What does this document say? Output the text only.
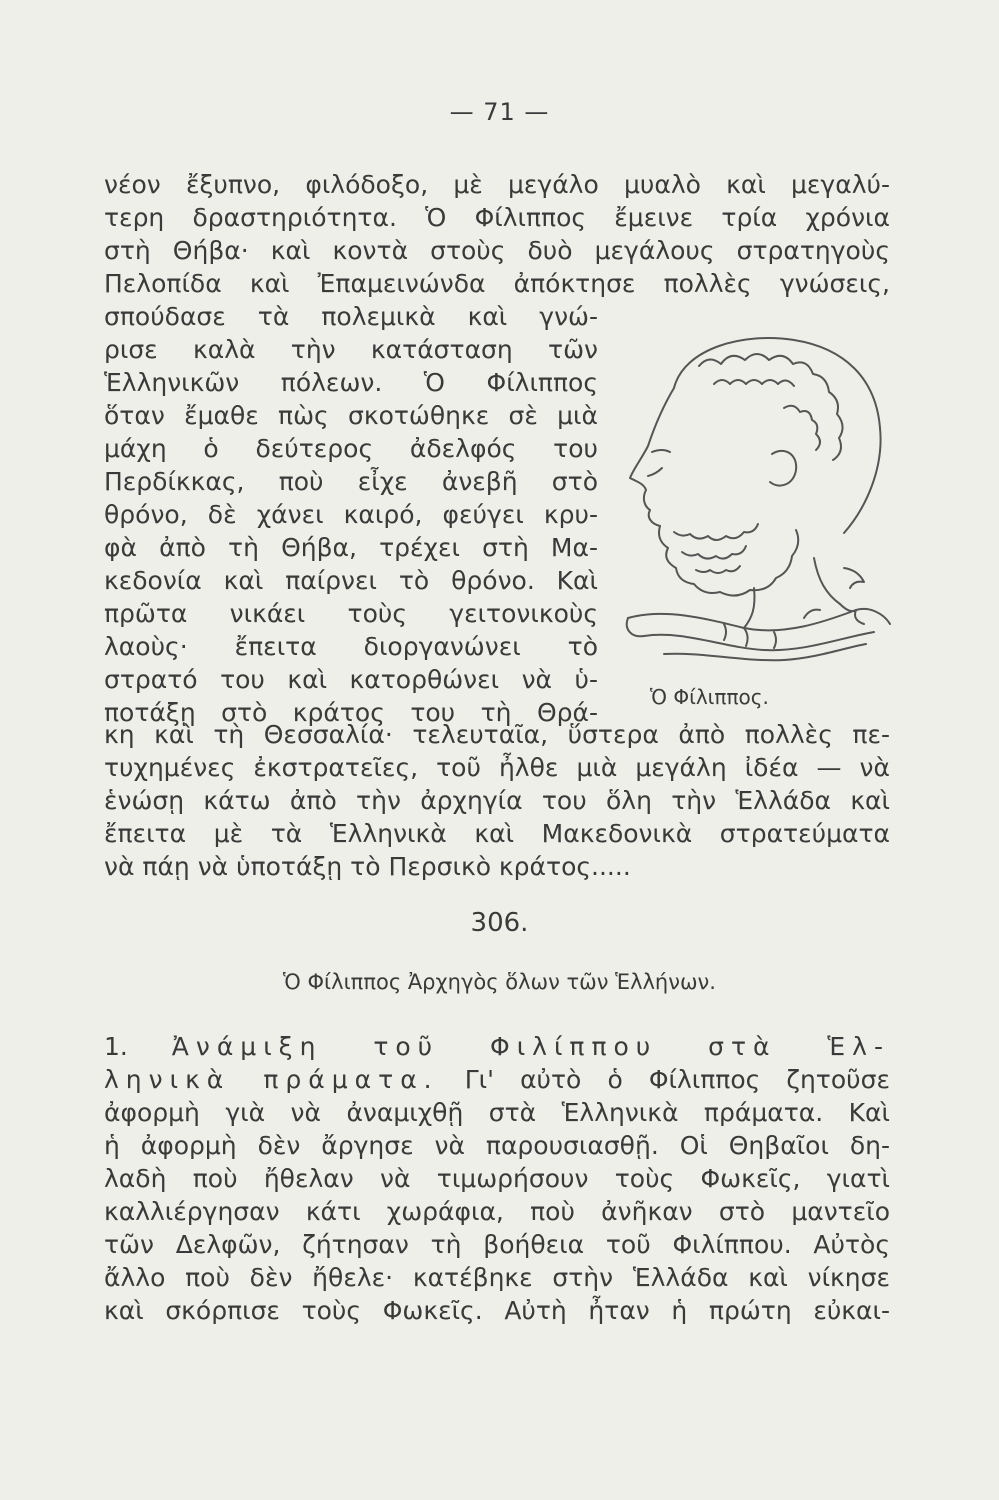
— 71 —
νέον ἔξυπνο, φιλόδοξο, μὲ μεγάλο μυαλὸ καὶ μεγαλύ-
τερη δραστηριότητα. Ὁ Φίλιππος ἔμεινε τρία χρόνια
στὴ Θήβα· καὶ κοντὰ στοὺς δυὸ μεγάλους στρατηγοὺς
Πελοπίδα καὶ Ἐπαμεινώνδα ἀπόκτησε πολλὲς γνώσεις,
σπούδασε τὰ πολεμικὰ καὶ γνώ-
ρισε καλὰ τὴν κατάσταση τῶν
Ἑλληνικῶν πόλεων. Ὁ Φίλιππος
ὅταν ἔμαθε πὼς σκοτώθηκε σὲ μιὰ
μάχη ὁ δεύτερος ἀδελφός του
Περδίκκας, ποὺ εἶχε ἀνεβῆ στὸ
θρόνο, δὲ χάνει καιρό, φεύγει κρυ-
φὰ ἀπὸ τὴ Θήβα, τρέχει στὴ Μα-
κεδονία καὶ παίρνει τὸ θρόνο. Καὶ
πρῶτα νικάει τοὺς γειτονικοὺς
λαοὺς· ἔπειτα διοργανώνει τὸ
στρατό του καὶ κατορθώνει νὰ ὑ-
ποτάξῃ στὸ κράτος του τὴ Θρά-
Ὁ Φίλιππος.
κη καὶ τὴ Θεσσαλία· τελευταῖα, ὕστερα ἀπὸ πολλὲς πε-
τυχημένες ἐκστρατεῖες, τοῦ ἦλθε μιὰ μεγάλη ἰδέα — νὰ
ἑνώσῃ κάτω ἀπὸ τὴν ἀρχηγία του ὅλη τὴν Ἑλλάδα καὶ
ἔπειτα μὲ τὰ Ἑλληνικὰ καὶ Μακεδονικὰ στρατεύματα
νὰ πάῃ νὰ ὑποτάξῃ τὸ Περσικὸ κράτος.....
306.
Ὁ Φίλιππος Ἀρχηγὸς ὅλων τῶν Ἑλλήνων.
1. Ἀνάμιξη τοῦ Φιλίππου στὰ Ἑλ-
ληνικὰ πράματα. Γι' αὐτὸ ὁ Φίλιππος ζητοῦσε
ἀφορμὴ γιὰ νὰ ἀναμιχθῇ στὰ Ἑλληνικὰ πράματα. Καὶ
ἡ ἀφορμὴ δὲν ἄργησε νὰ παρουσιασθῇ. Οἱ Θηβαῖοι δη-
λαδὴ ποὺ ἤθελαν νὰ τιμωρήσουν τοὺς Φωκεῖς, γιατὶ
καλλιέργησαν κάτι χωράφια, ποὺ ἀνῆκαν στὸ μαντεῖο
τῶν Δελφῶν, ζήτησαν τὴ βοήθεια τοῦ Φιλίππου. Αὐτὸς
ἄλλο ποὺ δὲν ἤθελε· κατέβηκε στὴν Ἑλλάδα καὶ νίκησε
καὶ σκόρπισε τοὺς Φωκεῖς. Αὐτὴ ἦταν ἡ πρώτη εὐκαι-
